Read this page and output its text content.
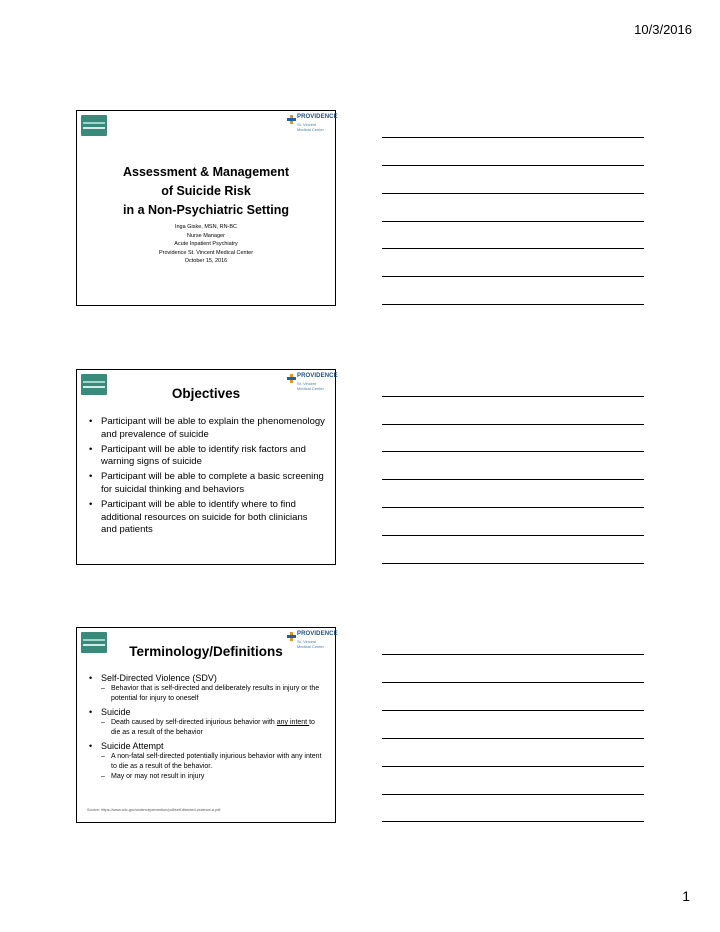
10/3/2016
PROVIDENCE
St. Vincent
Medical Center
Assessment & Management
of Suicide Risk
in a Non-Psychiatric Setting
Inga Giske, MSN, RN-BC
Nurse Manager
Acute Inpatient Psychiatry
Providence St. Vincent Medical Center
October 15, 2016
PROVIDENCE
St. Vincent
Medical Center
Objectives
• Participant will be able to explain the phenomenology and prevalence of suicide
• Participant will be able to identify risk factors and warning signs of suicide
• Participant will be able to complete a basic screening for suicidal thinking and behaviors
• Participant will be able to identify where to find additional resources on suicide for both clinicians and patients
PROVIDENCE
St. Vincent
Medical Center
Terminology/Definitions
• Self-Directed Violence (SDV)
– Behavior that is self-directed and deliberately results in injury or the potential for injury to oneself
• Suicide
– Death caused by self-directed injurious behavior with any intent to die as a result of the behavior
• Suicide Attempt
– A non-fatal self-directed potentially injurious behavior with any intent to die as a result of the behavior.
– May or may not result in injury
Source: https://www.cdc.gov/violenceprevention/pdf/self-directed-violence-a.pdf
1
